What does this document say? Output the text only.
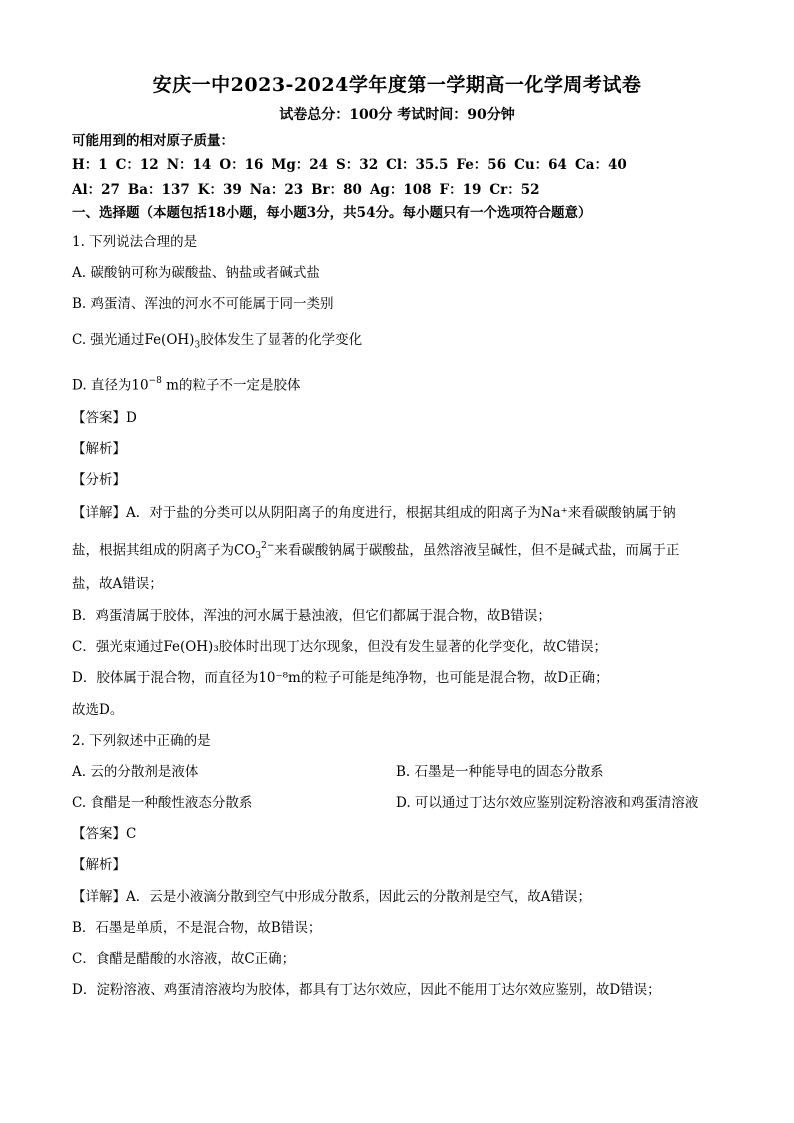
安庆一中2023-2024学年度第一学期高一化学周考试卷
试卷总分：100分 考试时间：90分钟
可能用到的相对原子质量：
H：1 C：12 N：14 O：16 Mg：24 S：32 Cl：35.5 Fe：56 Cu：64 Ca：40
Al：27 Ba：137 K：39 Na：23 Br：80 Ag：108 F：19 Cr：52
一、选择题（本题包括18小题，每小题3分，共54分。每小题只有一个选项符合题意）
1. 下列说法合理的是
A. 碳酸钠可称为碳酸盐、钠盐或者碱式盐
B. 鸡蛋清、浑浊的河水不可能属于同一类别
C. 强光通过$Fe(OH)_3$胶体发生了显著的化学变化
D. 直径为$10^{-8}$ m的粒子不一定是胶体
【答案】D
【解析】
【分析】
【详解】A．对于盐的分类可以从阴阳离子的角度进行，根据其组成的阳离子为Na⁺来看碳酸钠属于钠
盐，根据其组成的阴离子为$CO_3^{2-}$来看碳酸钠属于碳酸盐，虽然溶液呈碱性，但不是碱式盐，而属于正
盐，故A错误；
B．鸡蛋清属于胶体，浑浊的河水属于悬浊液，但它们都属于混合物，故B错误；
C．强光束通过Fe(OH)₃胶体时出现丁达尔现象，但没有发生显著的化学变化，故C错误；
D．胶体属于混合物，而直径为10⁻⁸m的粒子可能是纯净物，也可能是混合物，故D正确；
故选D。
2. 下列叙述中正确的是
A. 云的分散剂是液体	B. 石墨是一种能导电的固态分散系
C. 食醋是一种酸性液态分散系	D. 可以通过丁达尔效应鉴别淀粉溶液和鸡蛋清溶液
【答案】C
【解析】
【详解】A．云是小液滴分散到空气中形成分散系，因此云的分散剂是空气，故A错误；
B．石墨是单质，不是混合物，故B错误；
C．食醋是醋酸的水溶液，故C正确；
D．淀粉溶液、鸡蛋清溶液均为胶体，都具有丁达尔效应，因此不能用丁达尔效应鉴别，故D错误；
